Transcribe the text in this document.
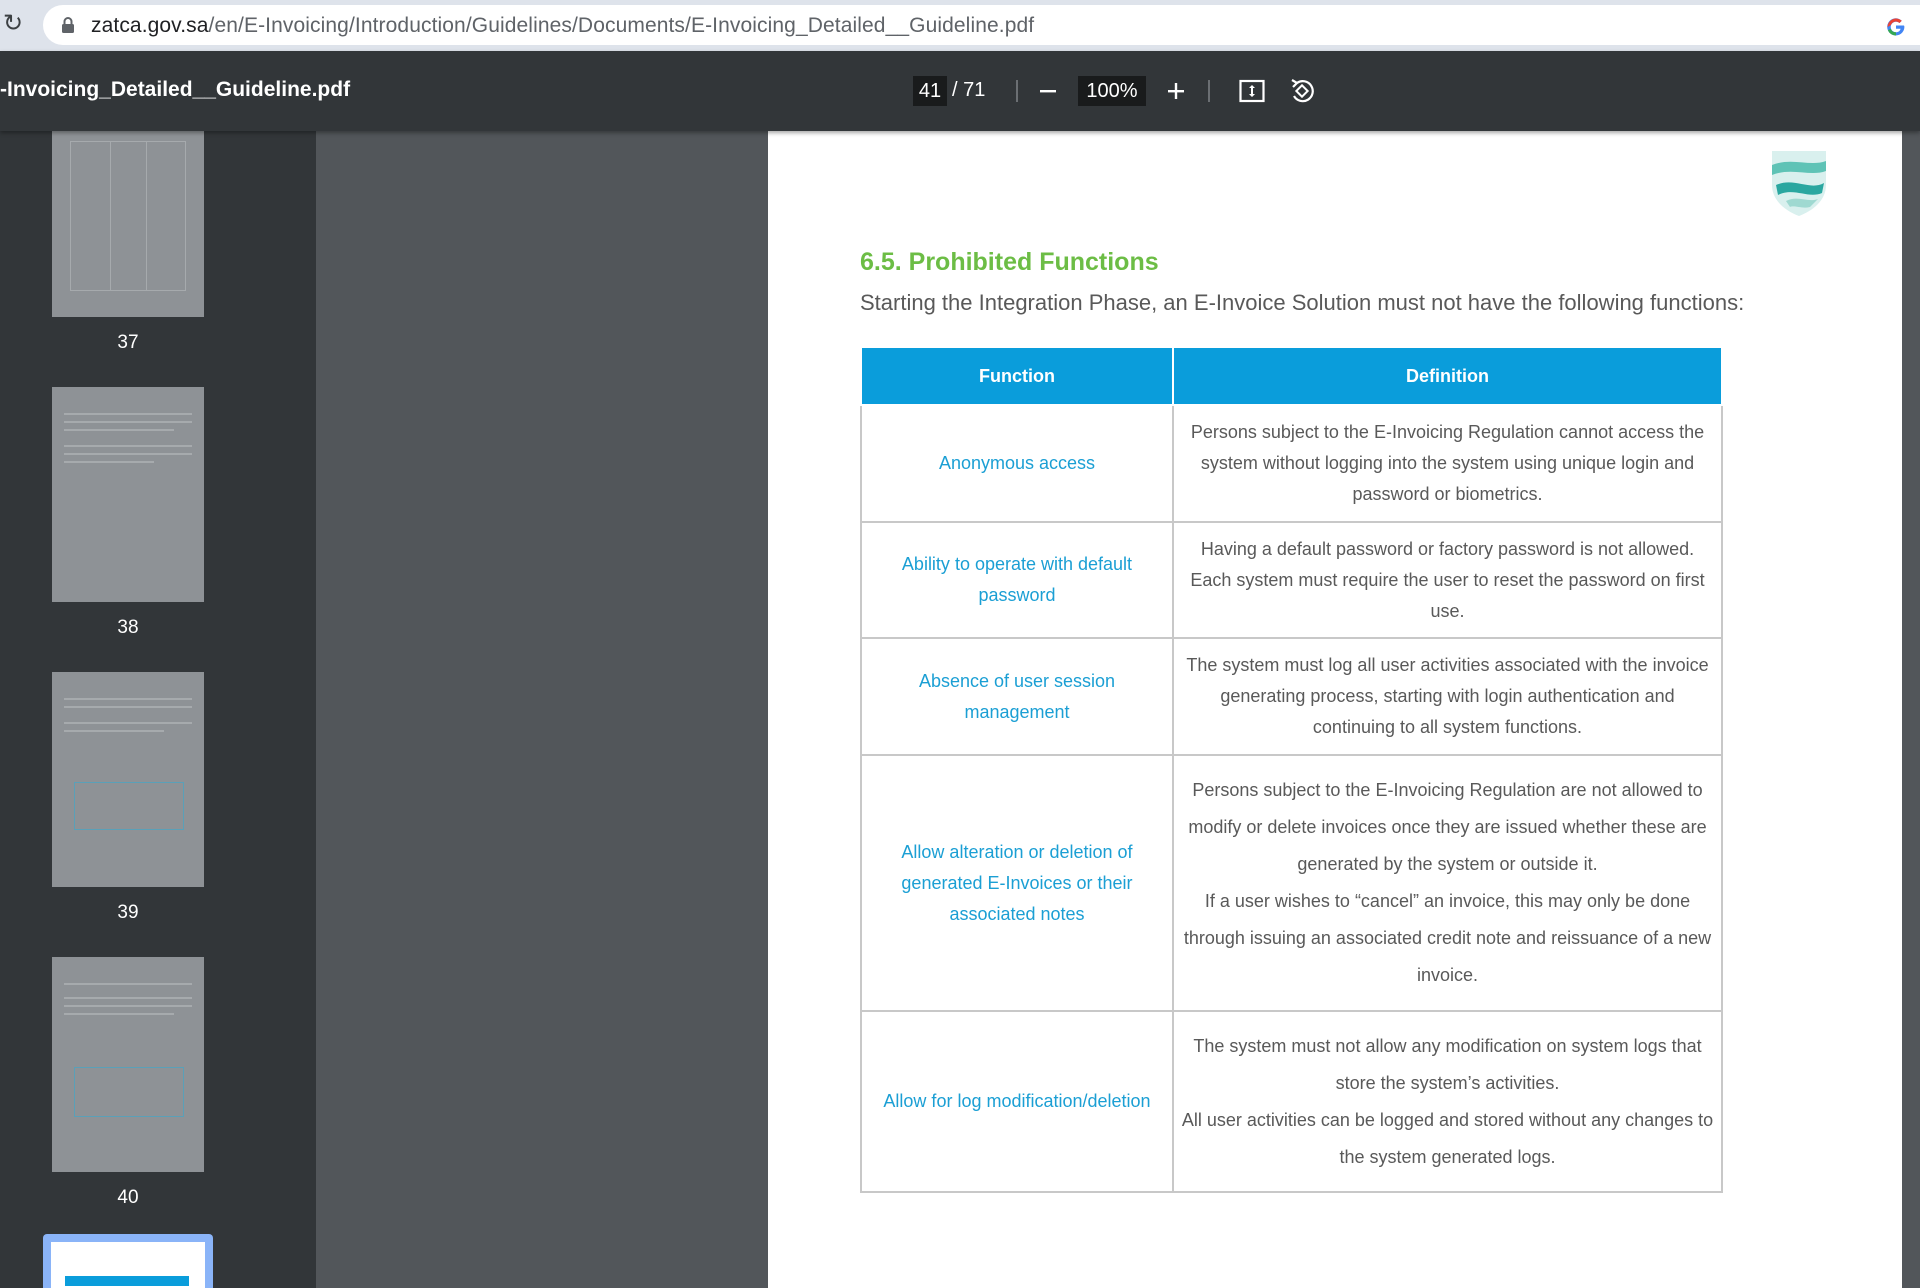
↻	zatca.gov.sa/en/E-Invoicing/Introduction/Guidelines/Documents/E-Invoicing_Detailed__Guideline.pdf
-Invoicing_Detailed__Guideline.pdf	41 / 71	100%
37
38
39
40
6.5. Prohibited Functions
Starting the Integration Phase, an E-Invoice Solution must not have the following functions:
Function	Definition
Anonymous access	Persons subject to the E-Invoicing Regulation cannot access the system without logging into the system using unique login and password or biometrics.
Ability to operate with default password	Having a default password or factory password is not allowed. Each system must require the user to reset the password on first use.
Absence of user session management	The system must log all user activities associated with the invoice generating process, starting with login authentication and continuing to all system functions.
Allow alteration or deletion of generated E-Invoices or their associated notes	Persons subject to the E-Invoicing Regulation are not allowed to modify or delete invoices once they are issued whether these are generated by the system or outside it.
If a user wishes to “cancel” an invoice, this may only be done through issuing an associated credit note and reissuance of a new invoice.

Allow for log modification/deletion	The system must not allow any modification on system logs that store the system’s activities.
All user activities can be logged and stored without any changes to the system generated logs.
